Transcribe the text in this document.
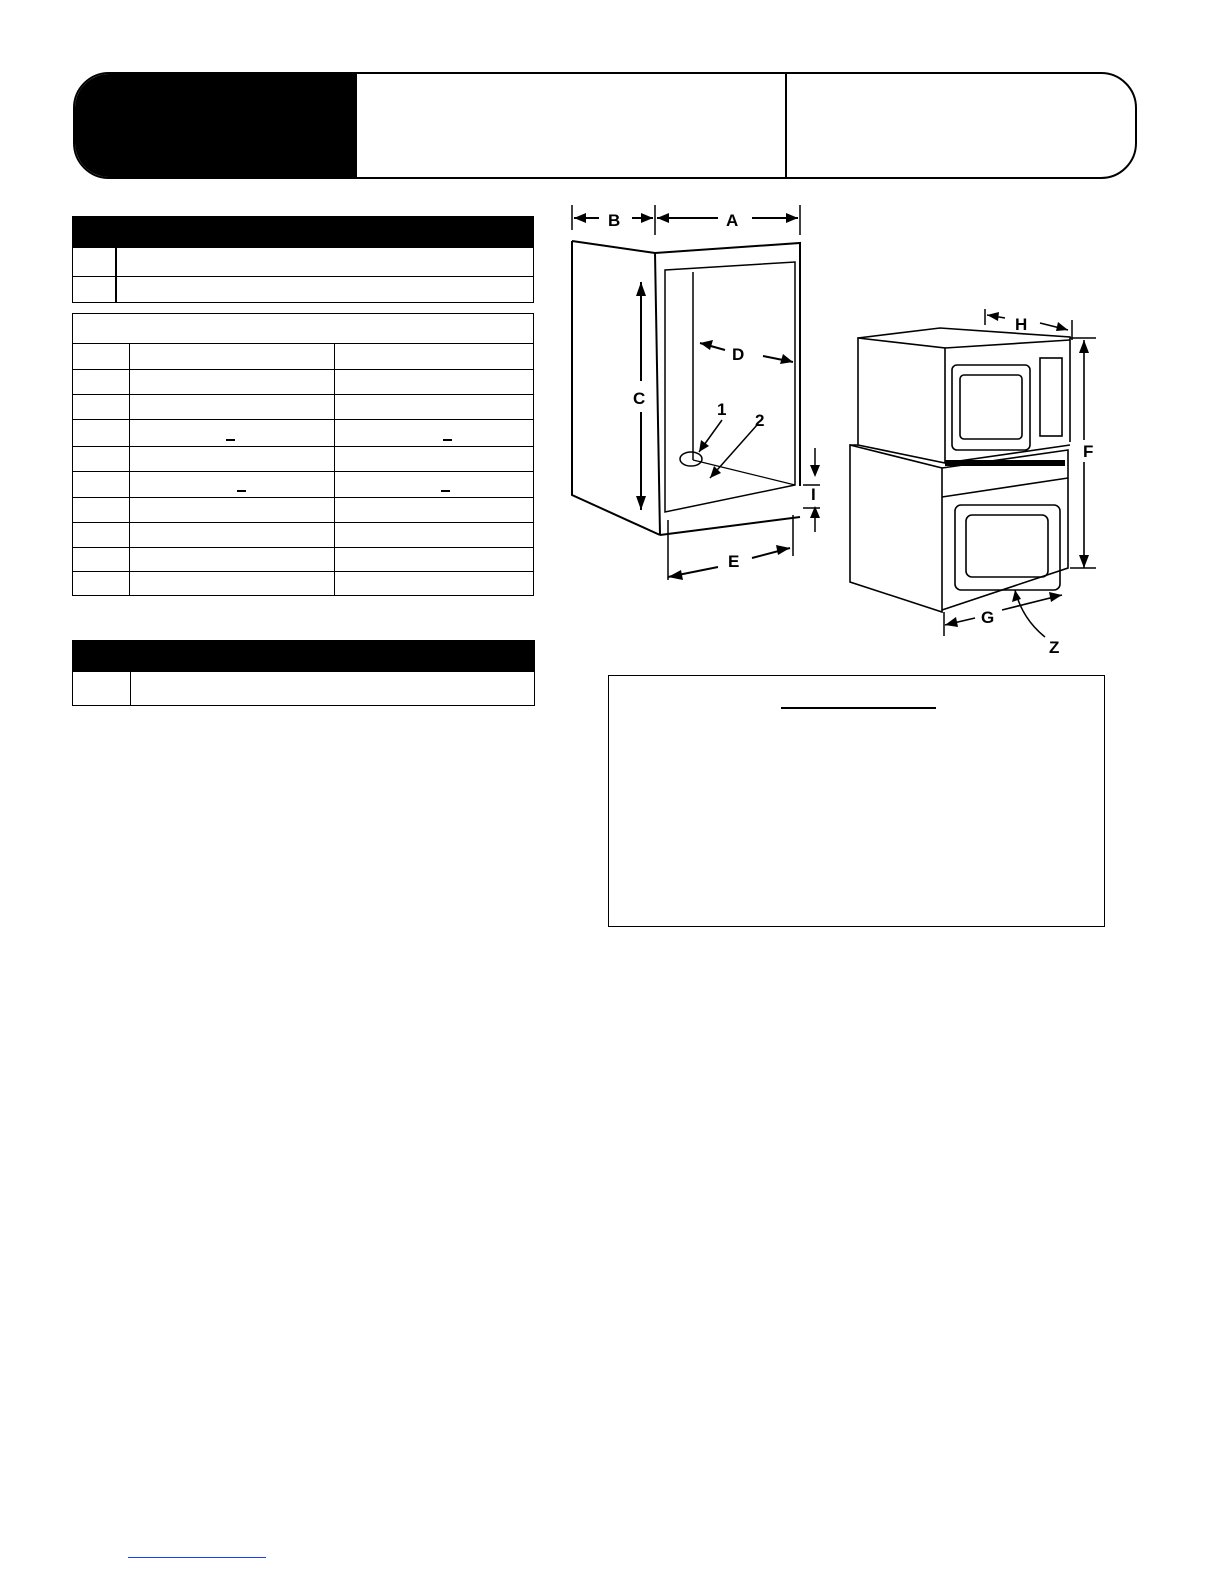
B	A
C
D
E
I
1
2
H
F
G
Z
